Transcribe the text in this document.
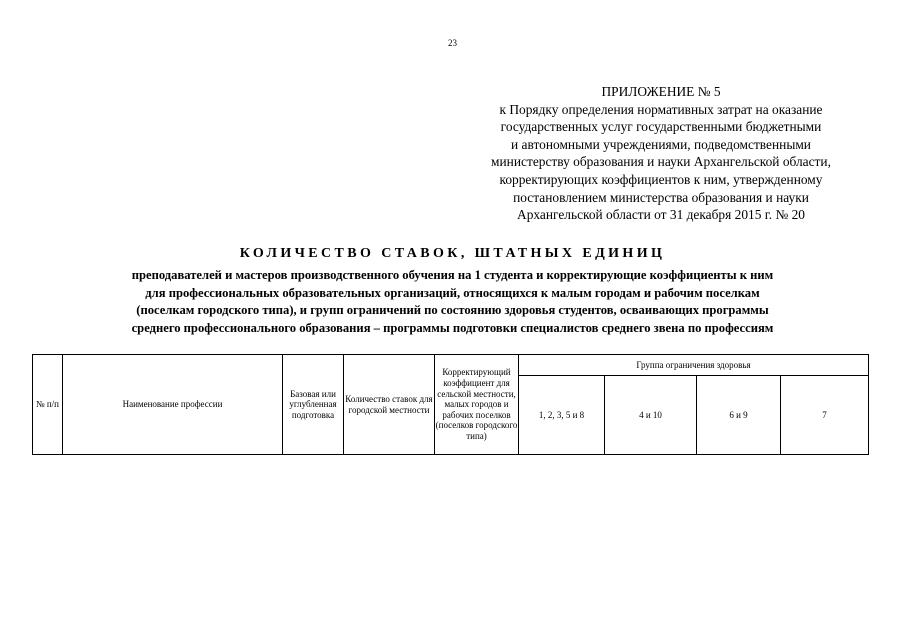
23
ПРИЛОЖЕНИЕ № 5
к Порядку определения нормативных затрат на оказание
государственных услуг государственными бюджетными
и автономными учреждениями, подведомственными
министерству образования и науки Архангельской области,
корректирующих коэффициентов к ним, утвержденному
постановлением министерства образования и науки
Архангельской области от 31 декабря 2015 г. № 20
КОЛИЧЕСТВО СТАВОК, ШТАТНЫХ ЕДИНИЦ
преподавателей и мастеров производственного обучения на 1 студента и корректирующие коэффициенты к ним
для профессиональных образовательных организаций, относящихся к малым городам и рабочим поселкам
(поселкам городского типа), и групп ограничений по состоянию здоровья студентов, осваивающих программы
среднего профессионального образования – программы подготовки специалистов среднего звена по профессиям
№ п/п	Наименование профессии	Базовая или углубленная подготовка	Количество ставок для городской местности	Корректирующий коэффициент для сельской местности, малых городов и рабочих поселков (поселков городского типа)	Группа ограничения здоровья			

					1, 2, 3, 5 и 8	4 и 10	6 и 9	7
